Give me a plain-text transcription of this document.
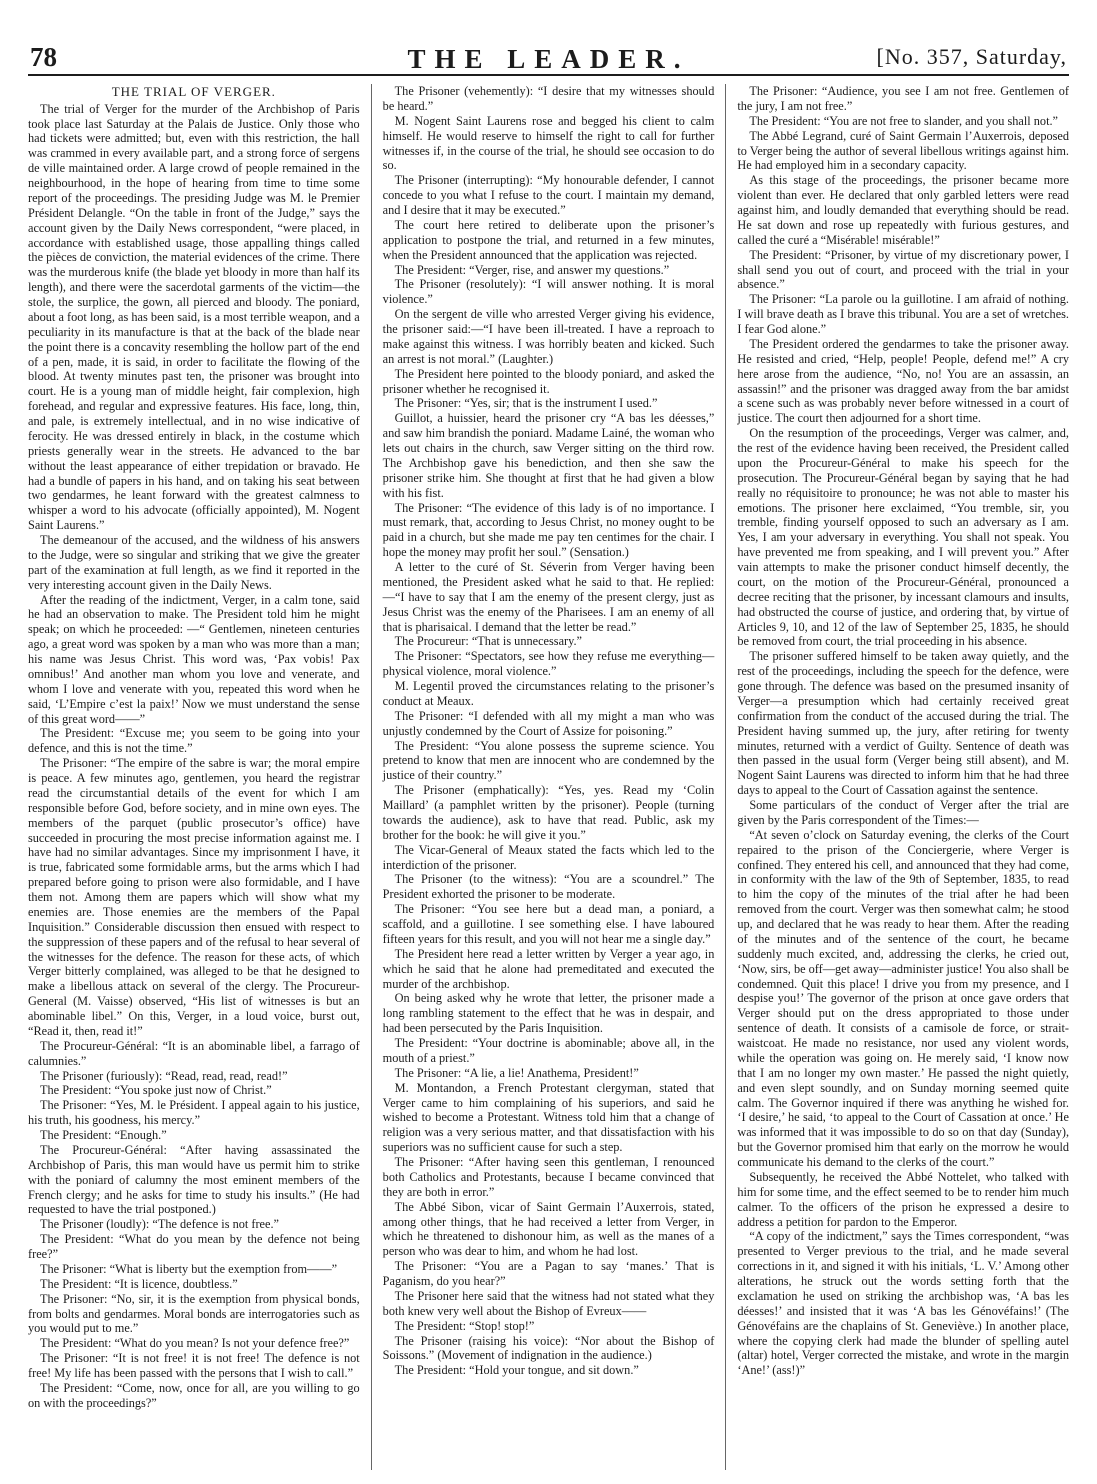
78	THE LEADER.	[No. 357, Saturday,
THE TRIAL OF VERGER.

The trial of Verger for the murder of the Archbishop of Paris took place last Saturday at the Palais de Justice. Only those who had tickets were admitted; but, even with this restriction, the hall was crammed in every available part, and a strong force of sergens de ville maintained order. A large crowd of people remained in the neighbourhood, in the hope of hearing from time to time some report of the proceedings. The presiding Judge was M. le Premier Président Delangle. “On the table in front of the Judge,” says the account given by the Daily News correspondent, “were placed, in accordance with established usage, those appalling things called the pièces de conviction, the material evidences of the crime. There was the murderous knife (the blade yet bloody in more than half its length), and there were the sacerdotal garments of the victim—the stole, the surplice, the gown, all pierced and bloody. The poniard, about a foot long, as has been said, is a most terrible weapon, and a peculiarity in its manufacture is that at the back of the blade near the point there is a concavity resembling the hollow part of the end of a pen, made, it is said, in order to facilitate the flowing of the blood. At twenty minutes past ten, the prisoner was brought into court. He is a young man of middle height, fair complexion, high forehead, and regular and expressive features. His face, long, thin, and pale, is extremely intellectual, and in no wise indicative of ferocity. He was dressed entirely in black, in the costume which priests generally wear in the streets. He advanced to the bar without the least appearance of either trepidation or bravado. He had a bundle of papers in his hand, and on taking his seat between two gendarmes, he leant forward with the greatest calmness to whisper a word to his advocate (officially appointed), M. Nogent Saint Laurens.”

The demeanour of the accused, and the wildness of his answers to the Judge, were so singular and striking that we give the greater part of the examination at full length, as we find it reported in the very interesting account given in the Daily News.

After the reading of the indictment, Verger, in a calm tone, said he had an observation to make. The President told him he might speak; on which he proceeded: —“ Gentlemen, nineteen centuries ago, a great word was spoken by a man who was more than a man; his name was Jesus Christ. This word was, ‘Pax vobis! Pax omnibus!’ And another man whom you love and venerate, and whom I love and venerate with you, repeated this word when he said, ‘L’Empire c’est la paix!’ Now we must understand the sense of this great word——”

The President: “Excuse me; you seem to be going into your defence, and this is not the time.”

The Prisoner: “The empire of the sabre is war; the moral empire is peace. A few minutes ago, gentlemen, you heard the registrar read the circumstantial details of the event for which I am responsible before God, before society, and in mine own eyes. The members of the parquet (public prosecutor’s office) have succeeded in procuring the most precise information against me. I have had no similar advantages. Since my imprisonment I have, it is true, fabricated some formidable arms, but the arms which I had prepared before going to prison were also formidable, and I have them not. Among them are papers which will show what my enemies are. Those enemies are the members of the Papal Inquisition.” Considerable discussion then ensued with respect to the suppression of these papers and of the refusal to hear several of the witnesses for the defence. The reason for these acts, of which Verger bitterly complained, was alleged to be that he designed to make a libellous attack on several of the clergy. The Procureur-General (M. Vaisse) observed, “His list of witnesses is but an abominable libel.” On this, Verger, in a loud voice, burst out, “Read it, then, read it!”

The Procureur-Général: “It is an abominable libel, a farrago of calumnies.”

The Prisoner (furiously): “Read, read, read, read!”

The President: “You spoke just now of Christ.”

The Prisoner: “Yes, M. le Président. I appeal again to his justice, his truth, his goodness, his mercy.”

The President: “Enough.”

The Procureur-Général: “After having assassinated the Archbishop of Paris, this man would have us permit him to strike with the poniard of calumny the most eminent members of the French clergy; and he asks for time to study his insults.” (He had requested to have the trial postponed.)

The Prisoner (loudly): “The defence is not free.”

The President: “What do you mean by the defence not being free?”

The Prisoner: “What is liberty but the exemption from——”

The President: “It is licence, doubtless.”

The Prisoner: “No, sir, it is the exemption from physical bonds, from bolts and gendarmes. Moral bonds are interrogatories such as you would put to me.”

The President: “What do you mean? Is not your defence free?”

The Prisoner: “It is not free! it is not free! The defence is not free! My life has been passed with the persons that I wish to call.”

The President: “Come, now, once for all, are you willing to go on with the proceedings?”

The Prisoner (vehemently): “I desire that my witnesses should be heard.”

M. Nogent Saint Laurens rose and begged his client to calm himself. He would reserve to himself the right to call for further witnesses if, in the course of the trial, he should see occasion to do so.

The Prisoner (interrupting): “My honourable defender, I cannot concede to you what I refuse to the court. I maintain my demand, and I desire that it may be executed.”

The court here retired to deliberate upon the prisoner’s application to postpone the trial, and returned in a few minutes, when the President announced that the application was rejected.

The President: “Verger, rise, and answer my questions.”

The Prisoner (resolutely): “I will answer nothing. It is moral violence.”

On the sergent de ville who arrested Verger giving his evidence, the prisoner said:—“I have been ill-treated. I have a reproach to make against this witness. I was horribly beaten and kicked. Such an arrest is not moral.” (Laughter.)

The President here pointed to the bloody poniard, and asked the prisoner whether he recognised it.

The Prisoner: “Yes, sir; that is the instrument I used.”

Guillot, a huissier, heard the prisoner cry “A bas les déesses,” and saw him brandish the poniard. Madame Lainé, the woman who lets out chairs in the church, saw Verger sitting on the third row. The Archbishop gave his benediction, and then she saw the prisoner strike him. She thought at first that he had given a blow with his fist.

The Prisoner: “The evidence of this lady is of no importance. I must remark, that, according to Jesus Christ, no money ought to be paid in a church, but she made me pay ten centimes for the chair. I hope the money may profit her soul.” (Sensation.)

A letter to the curé of St. Séverin from Verger having been mentioned, the President asked what he said to that. He replied:—“I have to say that I am the enemy of the present clergy, just as Jesus Christ was the enemy of the Pharisees. I am an enemy of all that is pharisaical. I demand that the letter be read.”

The Procureur: “That is unnecessary.”

The Prisoner: “Spectators, see how they refuse me everything—physical violence, moral violence.”

M. Legentil proved the circumstances relating to the prisoner’s conduct at Meaux.

The Prisoner: “I defended with all my might a man who was unjustly condemned by the Court of Assize for poisoning.”

The President: “You alone possess the supreme science. You pretend to know that men are innocent who are condemned by the justice of their country.”

The Prisoner (emphatically): “Yes, yes. Read my ‘Colin Maillard’ (a pamphlet written by the prisoner). People (turning towards the audience), ask to have that read. Public, ask my brother for the book: he will give it you.”

The Vicar-General of Meaux stated the facts which led to the interdiction of the prisoner.

The Prisoner (to the witness): “You are a scoundrel.” The President exhorted the prisoner to be moderate.

The Prisoner: “You see here but a dead man, a poniard, a scaffold, and a guillotine. I see something else. I have laboured fifteen years for this result, and you will not hear me a single day.”

The President here read a letter written by Verger a year ago, in which he said that he alone had premeditated and executed the murder of the archbishop.

On being asked why he wrote that letter, the prisoner made a long rambling statement to the effect that he was in despair, and had been persecuted by the Paris Inquisition.

The President: “Your doctrine is abominable; above all, in the mouth of a priest.”

The Prisoner: “A lie, a lie! Anathema, President!”

M. Montandon, a French Protestant clergyman, stated that Verger came to him complaining of his superiors, and said he wished to become a Protestant. Witness told him that a change of religion was a very serious matter, and that dissatisfaction with his superiors was no sufficient cause for such a step.

The Prisoner: “After having seen this gentleman, I renounced both Catholics and Protestants, because I became convinced that they are both in error.”

The Abbé Sibon, vicar of Saint Germain l’Auxerrois, stated, among other things, that he had received a letter from Verger, in which he threatened to dishonour him, as well as the manes of a person who was dear to him, and whom he had lost.

The Prisoner: “You are a Pagan to say ‘manes.’ That is Paganism, do you hear?”

The Prisoner here said that the witness had not stated what they both knew very well about the Bishop of Evreux——

The President: “Stop! stop!”

The Prisoner (raising his voice): “Nor about the Bishop of Soissons.” (Movement of indignation in the audience.)

The President: “Hold your tongue, and sit down.”

The Prisoner: “Audience, you see I am not free. Gentlemen of the jury, I am not free.”

The President: “You are not free to slander, and you shall not.”

The Abbé Legrand, curé of Saint Germain l’Auxerrois, deposed to Verger being the author of several libellous writings against him. He had employed him in a secondary capacity.

As this stage of the proceedings, the prisoner became more violent than ever. He declared that only garbled letters were read against him, and loudly demanded that everything should be read. He sat down and rose up repeatedly with furious gestures, and called the curé a “Misérable! misérable!”

The President: “Prisoner, by virtue of my discretionary power, I shall send you out of court, and proceed with the trial in your absence.”

The Prisoner: “La parole ou la guillotine. I am afraid of nothing. I will brave death as I brave this tribunal. You are a set of wretches. I fear God alone.”

The President ordered the gendarmes to take the prisoner away. He resisted and cried, “Help, people! People, defend me!” A cry here arose from the audience, “No, no! You are an assassin, an assassin!” and the prisoner was dragged away from the bar amidst a scene such as was probably never before witnessed in a court of justice. The court then adjourned for a short time.

On the resumption of the proceedings, Verger was calmer, and, the rest of the evidence having been received, the President called upon the Procureur-Général to make his speech for the prosecution. The Procureur-Général began by saying that he had really no réquisitoire to pronounce; he was not able to master his emotions. The prisoner here exclaimed, “You tremble, sir, you tremble, finding yourself opposed to such an adversary as I am. Yes, I am your adversary in everything. You shall not speak. You have prevented me from speaking, and I will prevent you.” After vain attempts to make the prisoner conduct himself decently, the court, on the motion of the Procureur-Général, pronounced a decree reciting that the prisoner, by incessant clamours and insults, had obstructed the course of justice, and ordering that, by virtue of Articles 9, 10, and 12 of the law of September 25, 1835, he should be removed from court, the trial proceeding in his absence.

The prisoner suffered himself to be taken away quietly, and the rest of the proceedings, including the speech for the defence, were gone through. The defence was based on the presumed insanity of Verger—a presumption which had certainly received great confirmation from the conduct of the accused during the trial. The President having summed up, the jury, after retiring for twenty minutes, returned with a verdict of Guilty. Sentence of death was then passed in the usual form (Verger being still absent), and M. Nogent Saint Laurens was directed to inform him that he had three days to appeal to the Court of Cassation against the sentence.

Some particulars of the conduct of Verger after the trial are given by the Paris correspondent of the Times:—

“At seven o’clock on Saturday evening, the clerks of the Court repaired to the prison of the Conciergerie, where Verger is confined. They entered his cell, and announced that they had come, in conformity with the law of the 9th of September, 1835, to read to him the copy of the minutes of the trial after he had been removed from the court. Verger was then somewhat calm; he stood up, and declared that he was ready to hear them. After the reading of the minutes and of the sentence of the court, he became suddenly much excited, and, addressing the clerks, he cried out, ‘Now, sirs, be off—get away—administer justice! You also shall be condemned. Quit this place! I drive you from my presence, and I despise you!’ The governor of the prison at once gave orders that Verger should put on the dress appropriated to those under sentence of death. It consists of a camisole de force, or strait-waistcoat. He made no resistance, nor used any violent words, while the operation was going on. He merely said, ‘I know now that I am no longer my own master.’ He passed the night quietly, and even slept soundly, and on Sunday morning seemed quite calm. The Governor inquired if there was anything he wished for. ‘I desire,’ he said, ‘to appeal to the Court of Cassation at once.’ He was informed that it was impossible to do so on that day (Sunday), but the Governor promised him that early on the morrow he would communicate his demand to the clerks of the court.”

Subsequently, he received the Abbé Nottelet, who talked with him for some time, and the effect seemed to be to render him much calmer. To the officers of the prison he expressed a desire to address a petition for pardon to the Emperor.

“A copy of the indictment,” says the Times correspondent, “was presented to Verger previous to the trial, and he made several corrections in it, and signed it with his initials, ‘L. V.’ Among other alterations, he struck out the words setting forth that the exclamation he used on striking the archbishop was, ‘A bas les déesses!’ and insisted that it was ‘A bas les Génovéfains!’ (The Génovéfains are the chaplains of St. Geneviève.) In another place, where the copying clerk had made the blunder of spelling autel (altar) hotel, Verger corrected the mistake, and wrote in the margin ‘Ane!’ (ass!)”
